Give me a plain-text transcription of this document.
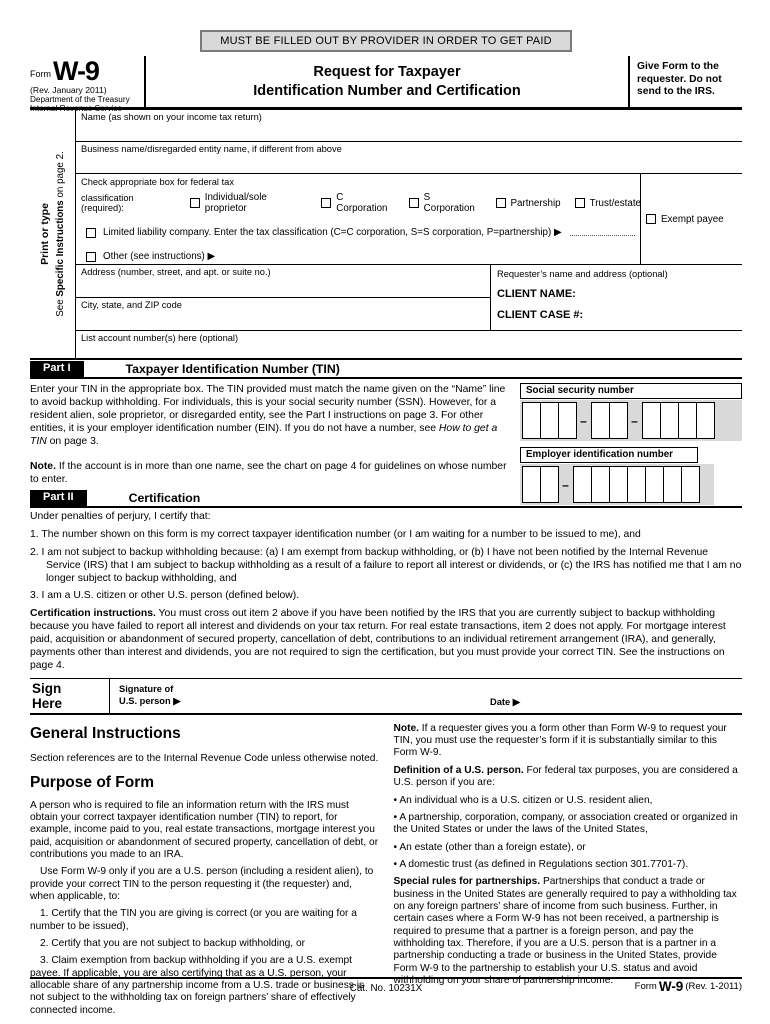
MUST BE FILLED OUT BY PROVIDER IN ORDER TO GET PAID
Form W-9
(Rev. January 2011)
Department of the Treasury
Internal Revenue Service
Request for Taxpayer
Identification Number and Certification
Give Form to the requester. Do not send to the IRS.
Print or type
See Specific Instructions on page 2.
Name (as shown on your income tax return)
Business name/disregarded entity name, if different from above
Check appropriate box for federal tax
classification (required):
Individual/sole proprietor
C Corporation
S Corporation	Partnership	Trust/estate
Limited liability company. Enter the tax classification (C=C corporation, S=S corporation, P=partnership) ▶
Other (see instructions) ▶
Exempt payee
Address (number, street, and apt. or suite no.)
City, state, and ZIP code
Requester’s name and address (optional)
CLIENT NAME:
CLIENT CASE #:
List account number(s) here (optional)
Part I	Taxpayer Identification Number (TIN)

Enter your TIN in the appropriate box. The TIN provided must match the name given on the “Name” line to avoid backup withholding. For individuals, this is your social security number (SSN). However, for a resident alien, sole proprietor, or disregarded entity, see the Part I instructions on page 3. For other entities, it is your employer identification number (EIN). If you do not have a number, see How to get a TIN on page 3.

Note. If the account is in more than one name, see the chart on page 4 for guidelines on whose number to enter.

Social security number
–	–
Employer identification number
–
Part II	Certification

Under penalties of perjury, I certify that:

1. The number shown on this form is my correct taxpayer identification number (or I am waiting for a number to be issued to me), and

2. I am not subject to backup withholding because: (a) I am exempt from backup withholding, or (b) I have not been notified by the Internal Revenue Service (IRS) that I am subject to backup withholding as a result of a failure to report all interest or dividends, or (c) the IRS has notified me that I am no longer subject to backup withholding, and

3. I am a U.S. citizen or other U.S. person (defined below).

Certification instructions. You must cross out item 2 above if you have been notified by the IRS that you are currently subject to backup withholding because you have failed to report all interest and dividends on your tax return. For real estate transactions, item 2 does not apply. For mortgage interest paid, acquisition or abandonment of secured property, cancellation of debt, contributions to an individual retirement arrangement (IRA), and generally, payments other than interest and dividends, you are not required to sign the certification, but you must provide your correct TIN. See the instructions on page 4.

Sign
Here
Signature of
U.S. person ▶	Date ▶
General Instructions

Section references are to the Internal Revenue Code unless otherwise noted.

Purpose of Form

A person who is required to file an information return with the IRS must obtain your correct taxpayer identification number (TIN) to report, for example, income paid to you, real estate transactions, mortgage interest you paid, acquisition or abandonment of secured property, cancellation of debt, or contributions you made to an IRA.

Use Form W-9 only if you are a U.S. person (including a resident alien), to provide your correct TIN to the person requesting it (the requester) and, when applicable, to:

1. Certify that the TIN you are giving is correct (or you are waiting for a number to be issued),

2. Certify that you are not subject to backup withholding, or

3. Claim exemption from backup withholding if you are a U.S. exempt payee. If applicable, you are also certifying that as a U.S. person, your allocable share of any partnership income from a U.S. trade or business is not subject to the withholding tax on foreign partners’ share of effectively connected income.

Note. If a requester gives you a form other than Form W-9 to request your TIN, you must use the requester’s form if it is substantially similar to this Form W-9.

Definition of a U.S. person. For federal tax purposes, you are considered a U.S. person if you are:

• An individual who is a U.S. citizen or U.S. resident alien,
• A partnership, corporation, company, or association created or organized in the United States or under the laws of the United States,
• An estate (other than a foreign estate), or
• A domestic trust (as defined in Regulations section 301.7701-7).

Special rules for partnerships. Partnerships that conduct a trade or business in the United States are generally required to pay a withholding tax on any foreign partners’ share of income from such business. Further, in certain cases where a Form W-9 has not been received, a partnership is required to presume that a partner is a foreign person, and pay the withholding tax. Therefore, if you are a U.S. person that is a partner in a partnership conducting a trade or business in the United States, provide Form W-9 to the partnership to establish your U.S. status and avoid withholding on your share of partnership income.

Cat. No. 10231X	Form W-9 (Rev. 1-2011)
